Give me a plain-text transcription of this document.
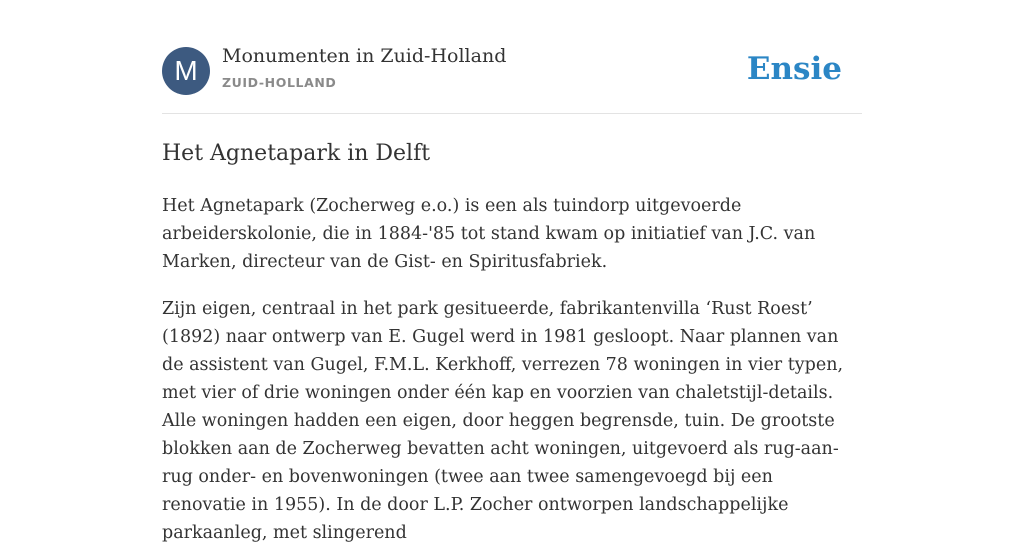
M	Monumenten in Zuid-Holland
ZUID-HOLLAND	Ensie
Het Agnetapark in Delft

Het Agnetapark (Zocherweg e.o.) is een als tuindorp uitgevoerde arbeiderskolonie, die in 1884-'85 tot stand kwam op initiatief van J.C. van Marken, directeur van de Gist- en Spiritusfabriek.

Zijn eigen, centraal in het park gesitueerde, fabrikantenvilla ‘Rust Roest’ (1892) naar ontwerp van E. Gugel werd in 1981 gesloopt. Naar plannen van de assistent van Gugel, F.M.L. Kerkhoff, verrezen 78 woningen in vier typen, met vier of drie woningen onder één kap en voorzien van chaletstijl-details. Alle woningen hadden een eigen, door heggen begrensde, tuin. De grootste blokken aan de Zocherweg bevatten acht woningen, uitgevoerd als rug-aan-rug onder- en bovenwoningen (twee aan twee samengevoegd bij een renovatie in 1955). In de door L.P. Zocher ontworpen landschappelijke parkaanleg, met slingerend
